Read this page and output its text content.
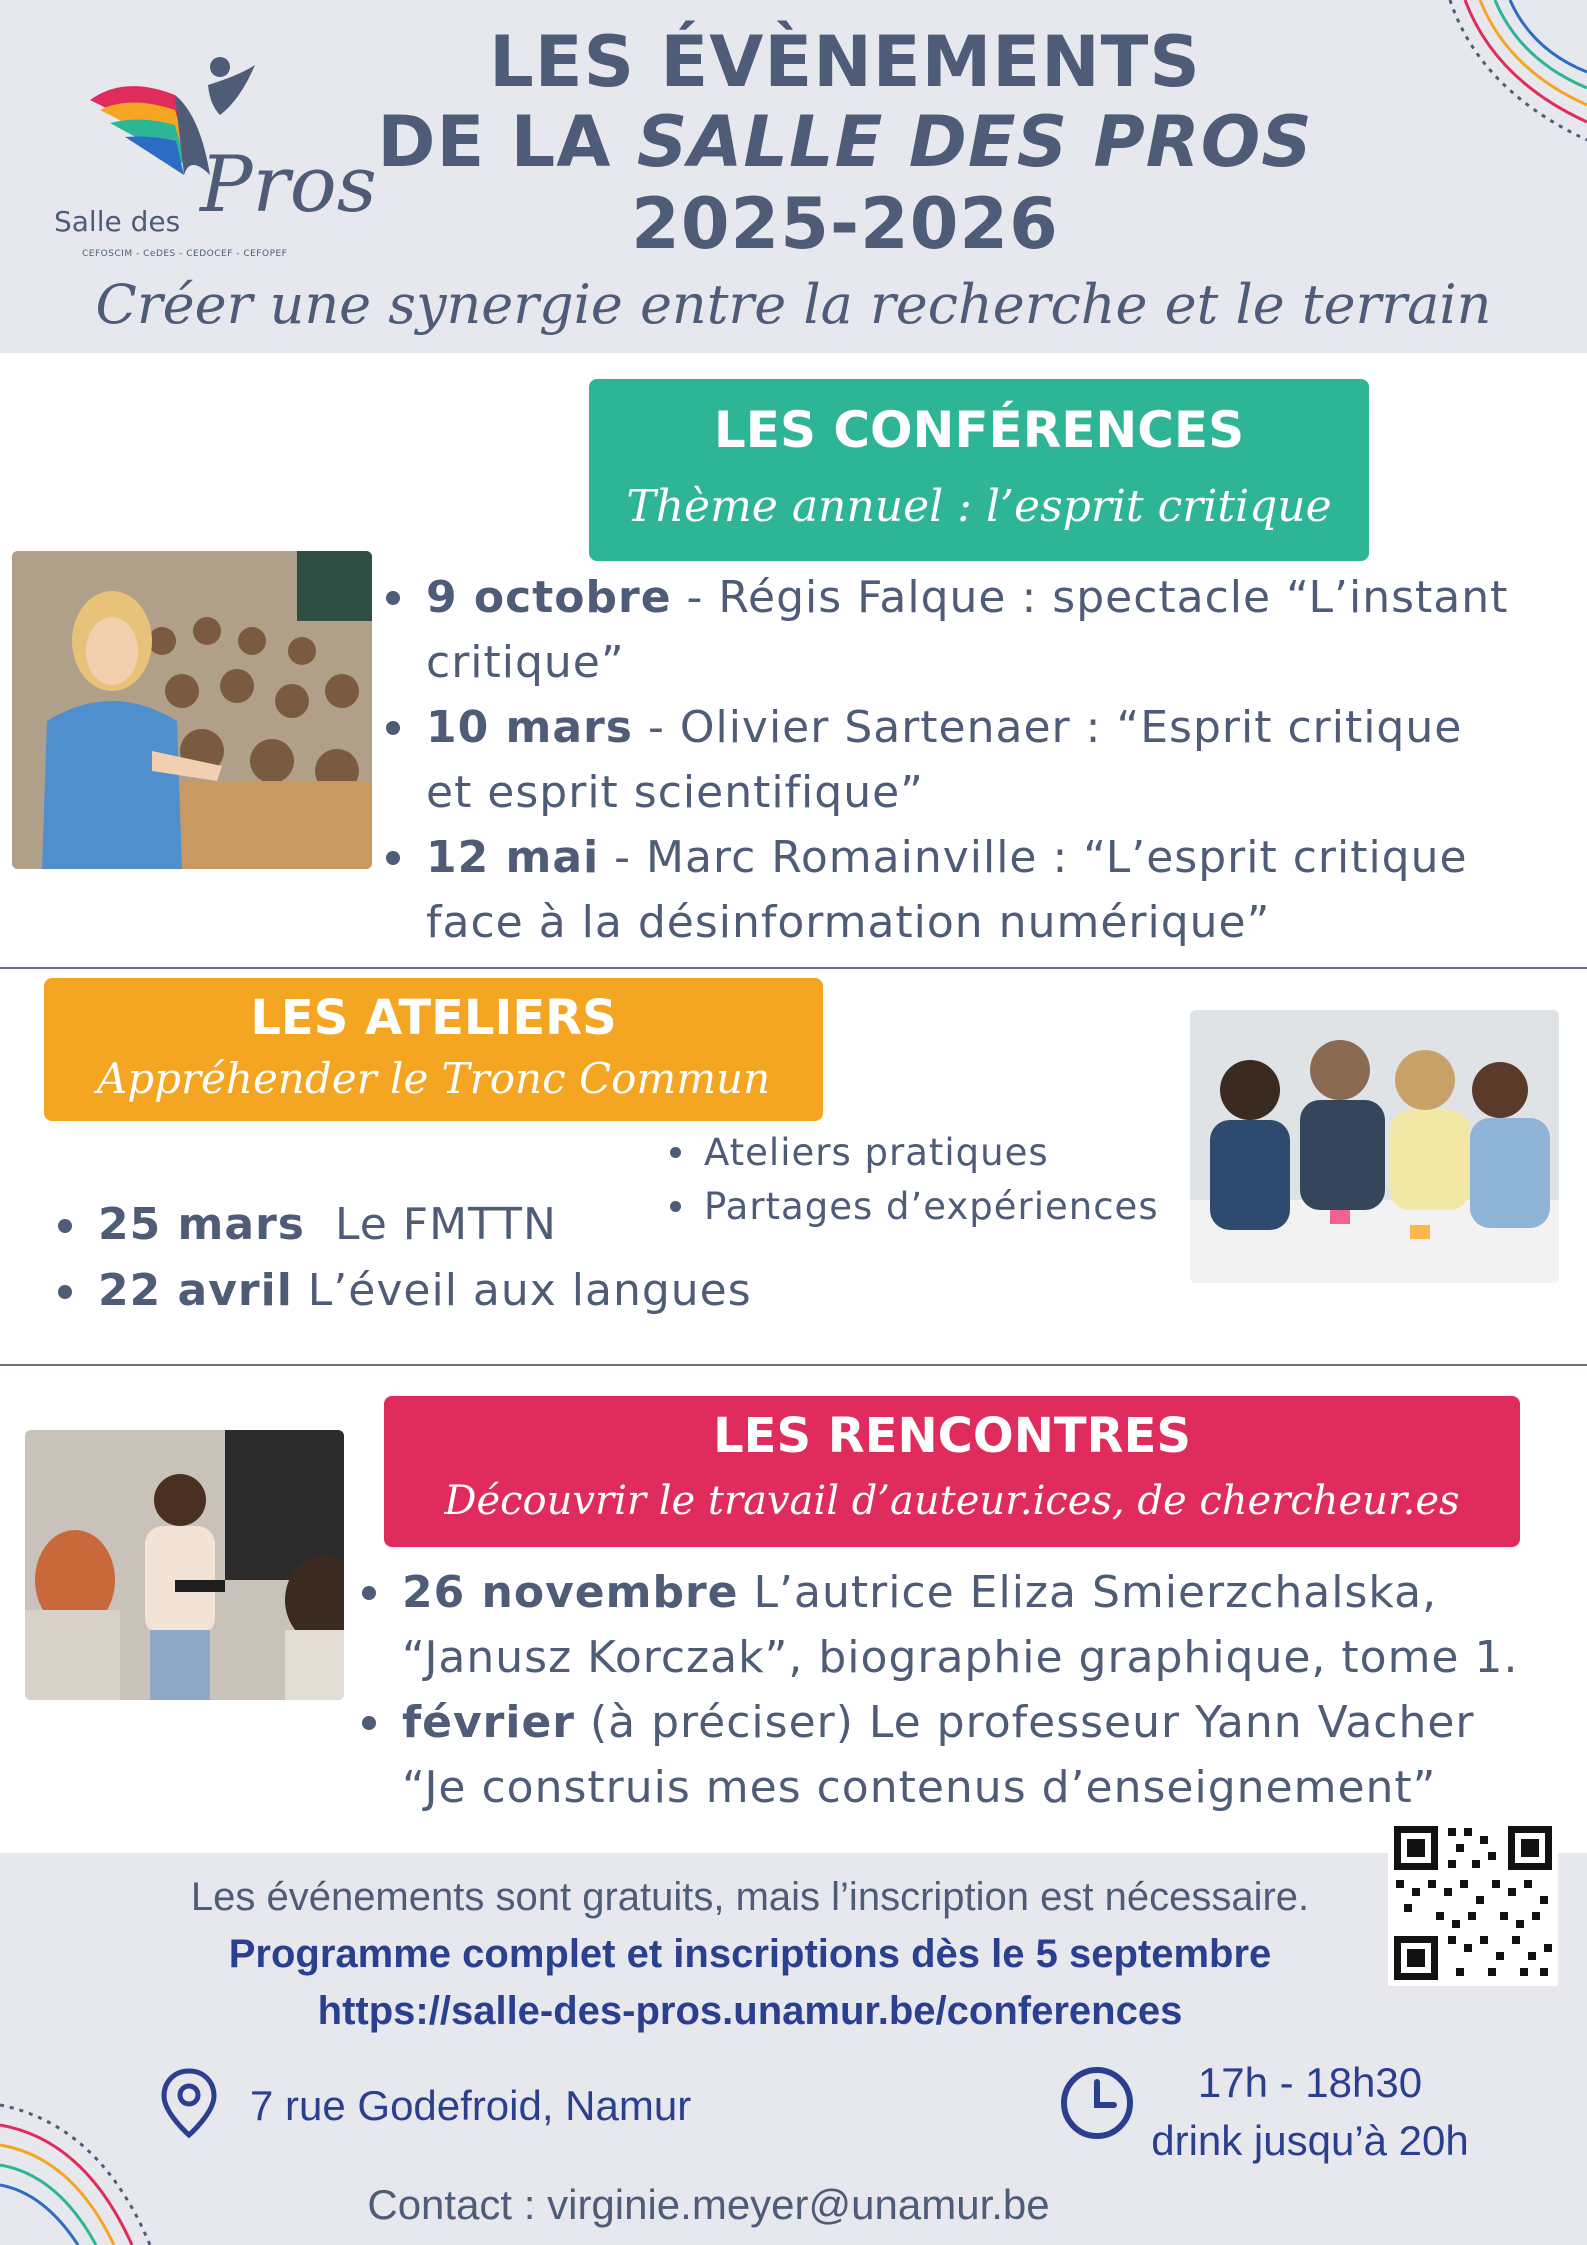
Salle des Pros
CEFOSCIM - CeDES - CEDOCEF - CEFOPEF
LES ÉVÈNEMENTS
DE LA SALLE DES PROS
2025-2026
Créer une synergie entre la recherche et le terrain
LES CONFÉRENCES
Thème annuel : l’esprit critique
9 octobre - Régis Falque : spectacle “L’instant
critique”
10 mars - Olivier Sartenaer : “Esprit critique
et esprit scientifique”
12 mai - Marc Romainville : “L’esprit critique
face à la désinformation numérique”
LES ATELIERS
Appréhender le Tronc Commun
Ateliers pratiques
Partages d’expériences
25 mars  Le FMTTN
22 avril L’éveil aux langues
LES RENCONTRES
Découvrir le travail d’auteur.ices, de chercheur.es
26 novembre L’autrice Eliza Smierzchalska,
“Janusz Korczak”, biographie graphique, tome 1.
février (à préciser) Le professeur Yann Vacher
“Je construis mes contenus d’enseignement”
Les événements sont gratuits, mais l’inscription est nécessaire.
Programme complet et inscriptions dès le 5 septembre
https://salle-des-pros.unamur.be/conferences
7 rue Godefroid, Namur	17h - 18h30
drink jusqu’à 20h
Contact : virginie.meyer@unamur.be
